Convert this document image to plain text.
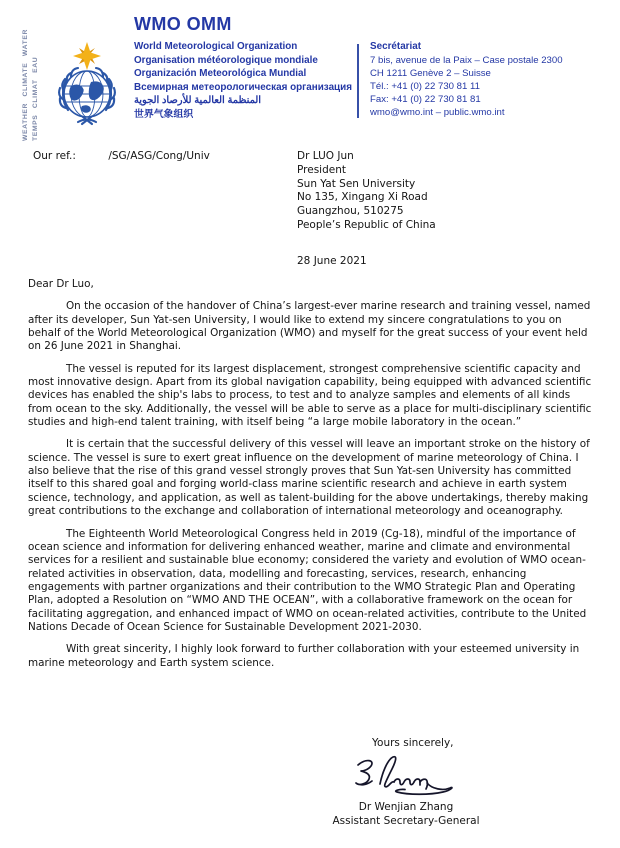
WEATHER CLIMATE WATER TEMPS CLIMAT EAU
WMO OMM
World Meteorological Organization
Organisation météorologique mondiale
Organización Meteorológica Mundial
Всемирная метеорологическая организация
المنظمة العالمية للأرصاد الجوية
世界气象组织
Secrétariat
7 bis, avenue de la Paix – Case postale 2300
CH 1211 Genève 2 – Suisse
Tél.: +41 (0) 22 730 81 11
Fax: +41 (0) 22 730 81 81
wmo@wmo.int – public.wmo.int
Our ref.:	/SG/ASG/Cong/Univ	Dr LUO Jun
President
Sun Yat Sen University
No 135, Xingang Xi Road
Guangzhou, 510275
People’s Republic of China
28 June 2021
Dear Dr Luo,

On the occasion of the handover of China’s largest-ever marine research and training vessel, named after its developer, Sun Yat-sen University, I would like to extend my sincere congratulations to you on behalf of the World Meteorological Organization (WMO) and myself for the great success of your event held on 26 June 2021 in Shanghai.

The vessel is reputed for its largest displacement, strongest comprehensive scientific capacity and most innovative design. Apart from its global navigation capability, being equipped with advanced scientific devices has enabled the ship's labs to process, to test and to analyze samples and elements of all kinds from ocean to the sky. Additionally, the vessel will be able to serve as a place for multi-disciplinary scientific studies and high-end talent training, with itself being “a large mobile laboratory in the ocean.”

It is certain that the successful delivery of this vessel will leave an important stroke on the history of science. The vessel is sure to exert great influence on the development of marine meteorology of China. I also believe that the rise of this grand vessel strongly proves that Sun Yat-sen University has committed itself to this shared goal and forging world-class marine scientific research and achieve in earth system science, technology, and application, as well as talent-building for the above undertakings, thereby making great contributions to the exchange and collaboration of international meteorology and oceanography.

The Eighteenth World Meteorological Congress held in 2019 (Cg-18), mindful of the importance of ocean science and information for delivering enhanced weather, marine and climate and environmental services for a resilient and sustainable blue economy; considered the variety and evolution of WMO ocean-related activities in observation, data, modelling and forecasting, services, research, enhancing engagements with partner organizations and their contribution to the WMO Strategic Plan and Operating Plan, adopted a Resolution on “WMO AND THE OCEAN”, with a collaborative framework on the ocean for facilitating aggregation, and enhanced impact of WMO on ocean-related activities, contribute to the United Nations Decade of Ocean Science for Sustainable Development 2021-2030.

With great sincerity, I highly look forward to further collaboration with your esteemed university in marine meteorology and Earth system science.

Yours sincerely,
Dr Wenjian Zhang
Assistant Secretary-General
